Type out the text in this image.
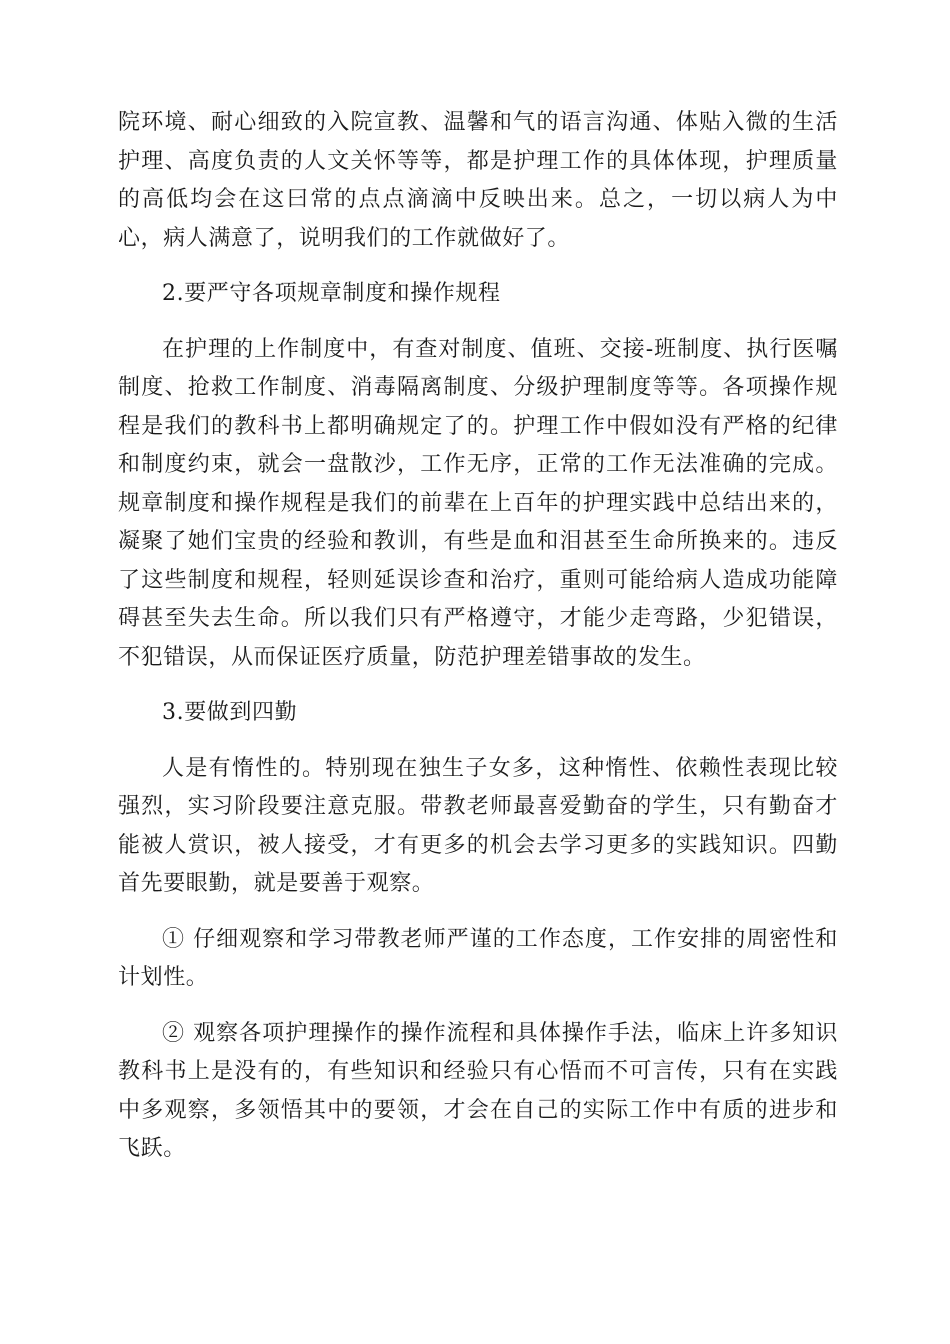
院环境、耐心细致的入院宣教、温馨和气的语言沟通、体贴入微的生活护理、高度负责的人文关怀等等，都是护理工作的具体体现，护理质量的高低均会在这曰常的点点滴滴中反映出来。总之，一切以病人为中心，病人满意了，说明我们的工作就做好了。

2.要严守各项规章制度和操作规程

在护理的上作制度中，有查对制度、值班、交接-班制度、执行医嘱制度、抢救工作制度、消毒隔离制度、分级护理制度等等。各项操作规程是我们的教科书上都明确规定了的。护理工作中假如没有严格的纪律和制度约束，就会一盘散沙，工作无序，正常的工作无法准确的完成。规章制度和操作规程是我们的前辈在上百年的护理实践中总结出来的，凝聚了她们宝贵的经验和教训，有些是血和泪甚至生命所换来的。违反了这些制度和规程，轻则延误诊查和治疗，重则可能给病人造成功能障碍甚至失去生命。所以我们只有严格遵守，才能少走弯路，少犯错误，不犯错误，从而保证医疗质量，防范护理差错事故的发生。

3.要做到四勤

人是有惰性的。特别现在独生子女多，这种惰性、依赖性表现比较强烈，实习阶段要注意克服。带教老师最喜爱勤奋的学生，只有勤奋才能被人赏识，被人接受，才有更多的机会去学习更多的实践知识。四勤首先要眼勤，就是要善于观察。

① 仔细观察和学习带教老师严谨的工作态度，工作安排的周密性和计划性。

② 观察各项护理操作的操作流程和具体操作手法，临床上许多知识教科书上是没有的，有些知识和经验只有心悟而不可言传，只有在实践中多观察，多领悟其中的要领，才会在自己的实际工作中有质的进步和飞跃。
